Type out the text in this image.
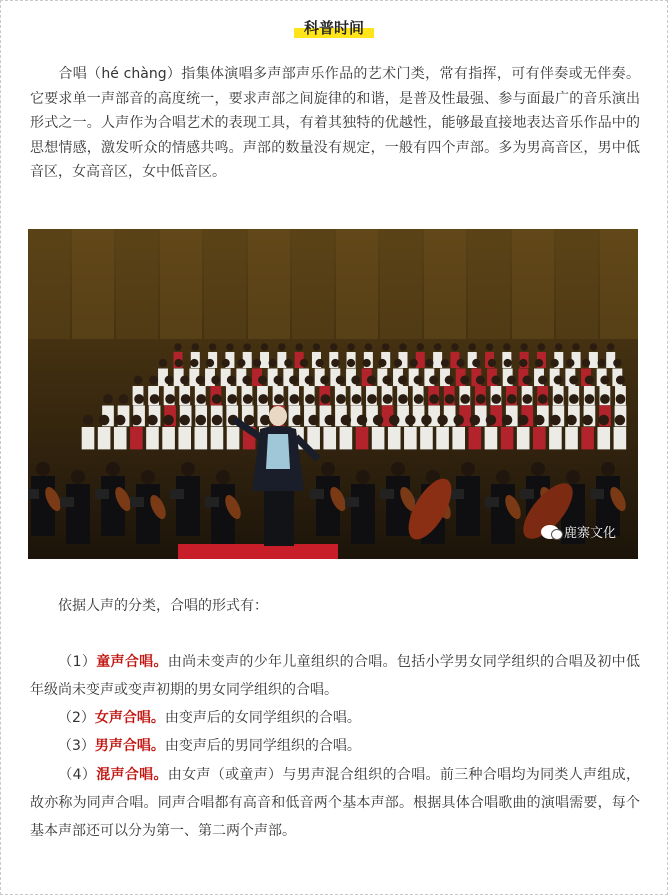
科普时间

  合唱（hé chàng）指集体演唱多声部声乐作品的艺术门类，常有指挥，可有伴奏或无伴奏。它要求单一声部音的高度统一，要求声部之间旋律的和谐，是普及性最强、参与面最广的音乐演出形式之一。人声作为合唱艺术的表现工具，有着其独特的优越性，能够最直接地表达音乐作品中的思想情感，激发听众的情感共鸣。声部的数量没有规定，一般有四个声部。多为男高音区，男中低音区，女高音区，女中低音区。

鹿寨文化

  依据人声的分类，合唱的形式有：

  （1）童声合唱。由尚未变声的少年儿童组织的合唱。包括小学男女同学组织的合唱及初中低年级尚未变声或变声初期的男女同学组织的合唱。

  （2）女声合唱。由变声后的女同学组织的合唱。

  （3）男声合唱。由变声后的男同学组织的合唱。

  （4）混声合唱。由女声（或童声）与男声混合组织的合唱。前三种合唱均为同类人声组成，故亦称为同声合唱。同声合唱都有高音和低音两个基本声部。根据具体合唱歌曲的演唱需要，每个基本声部还可以分为第一、第二两个声部。
